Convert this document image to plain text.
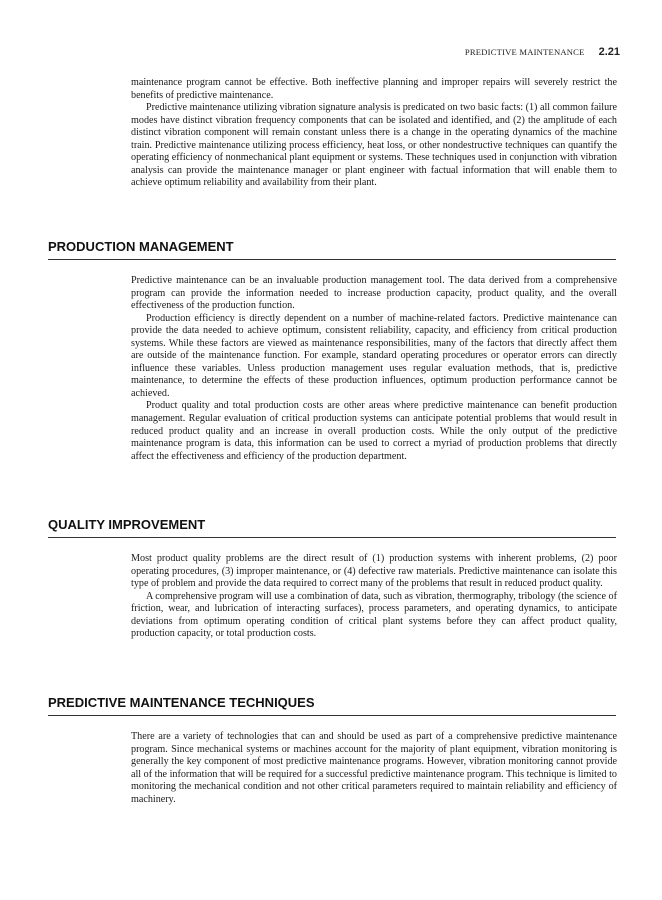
PREDICTIVE MAINTENANCE 2.21

maintenance program cannot be effective. Both ineffective planning and improper repairs will severely restrict the benefits of predictive maintenance.

Predictive maintenance utilizing vibration signature analysis is predicated on two basic facts: (1) all common failure modes have distinct vibration frequency components that can be isolated and identified, and (2) the amplitude of each distinct vibration component will remain constant unless there is a change in the operating dynamics of the machine train. Predictive maintenance utilizing process efficiency, heat loss, or other nondestructive techniques can quantify the operating efficiency of nonmechanical plant equipment or systems. These techniques used in conjunction with vibration analysis can provide the maintenance manager or plant engineer with factual information that will enable them to achieve optimum reliability and availability from their plant.

PRODUCTION MANAGEMENT

Predictive maintenance can be an invaluable production management tool. The data derived from a comprehensive program can provide the information needed to increase production capacity, product quality, and the overall effectiveness of the production function.

Production efficiency is directly dependent on a number of machine-related factors. Predictive maintenance can provide the data needed to achieve optimum, consistent reliability, capacity, and efficiency from critical production systems. While these factors are viewed as maintenance responsibilities, many of the factors that directly affect them are outside of the maintenance function. For example, standard operating procedures or operator errors can directly influence these variables. Unless production management uses regular evaluation methods, that is, predictive maintenance, to determine the effects of these production influences, optimum production performance cannot be achieved.

Product quality and total production costs are other areas where predictive maintenance can benefit production management. Regular evaluation of critical production systems can anticipate potential problems that would result in reduced product quality and an increase in overall production costs. While the only output of the predictive maintenance program is data, this information can be used to correct a myriad of production problems that directly affect the effectiveness and efficiency of the production department.

QUALITY IMPROVEMENT

Most product quality problems are the direct result of (1) production systems with inherent problems, (2) poor operating procedures, (3) improper maintenance, or (4) defective raw materials. Predictive maintenance can isolate this type of problem and provide the data required to correct many of the problems that result in reduced product quality.

A comprehensive program will use a combination of data, such as vibration, thermography, tribology (the science of friction, wear, and lubrication of interacting surfaces), process parameters, and operating dynamics, to anticipate deviations from optimum operating condition of critical plant systems before they can affect product quality, production capacity, or total production costs.

PREDICTIVE MAINTENANCE TECHNIQUES

There are a variety of technologies that can and should be used as part of a comprehensive predictive maintenance program. Since mechanical systems or machines account for the majority of plant equipment, vibration monitoring is generally the key component of most predictive maintenance programs. However, vibration monitoring cannot provide all of the information that will be required for a successful predictive maintenance program. This technique is limited to monitoring the mechanical condition and not other critical parameters required to maintain reliability and efficiency of machinery.
